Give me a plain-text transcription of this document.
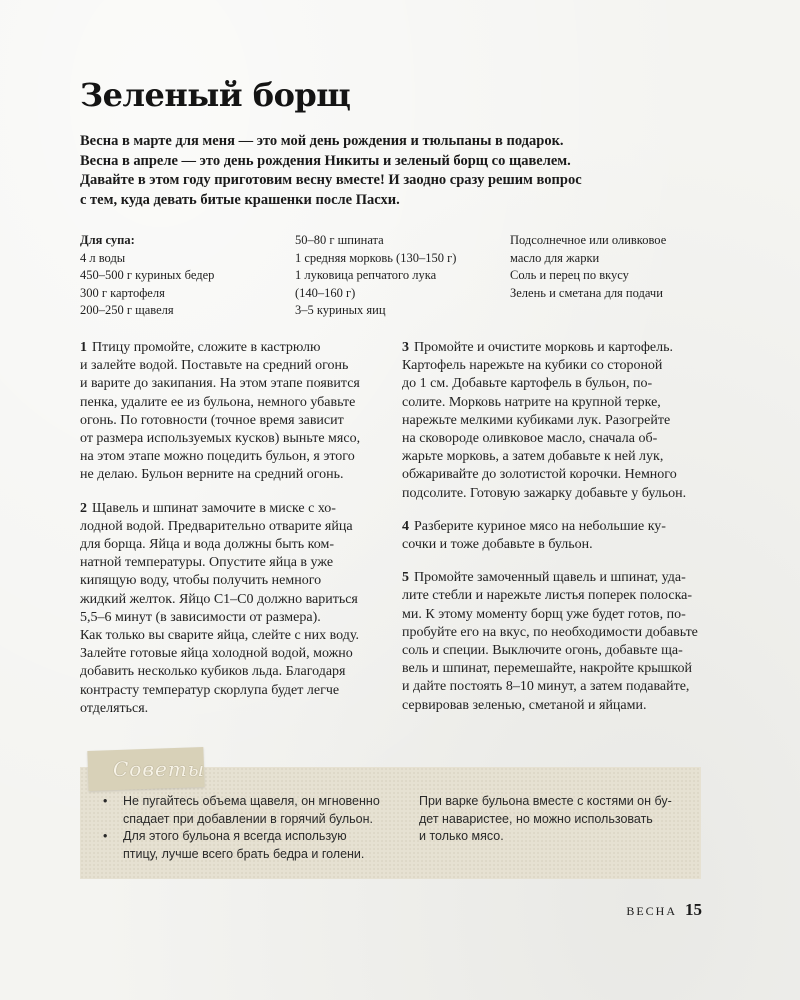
Зеленый борщ
Весна в марте для меня — это мой день рождения и тюльпаны в подарок.
Весна в апреле — это день рождения Никиты и зеленый борщ со щавелем.
Давайте в этом году приготовим весну вместе! И заодно сразу решим вопрос
с тем, куда девать битые крашенки после Пасхи.
Для супа:
4 л воды
450–500 г куриных бедер
300 г картофеля
200–250 г щавеля
50–80 г шпината
1 средняя морковь (130–150 г)
1 луковица репчатого лука
(140–160 г)
3–5 куриных яиц
Подсолнечное или оливковое
масло для жарки
Соль и перец по вкусу
Зелень и сметана для подачи
1 Птицу промойте, сложите в кастрюлю
и залейте водой. Поставьте на средний огонь
и варите до закипания. На этом этапе появится
пенка, удалите ее из бульона, немного убавьте
огонь. По готовности (точное время зависит
от размера используемых кусков) выньте мясо,
на этом этапе можно поцедить бульон, я этого
не делаю. Бульон верните на средний огонь.
2 Щавель и шпинат замочите в миске с хо-
лодной водой. Предварительно отварите яйца
для борща. Яйца и вода должны быть ком-
натной температуры. Опустите яйца в уже
кипящую воду, чтобы получить немного
жидкий желток. Яйцо С1–С0 должно вариться
5,5–6 минут (в зависимости от размера).
Как только вы сварите яйца, слейте с них воду.
Залейте готовые яйца холодной водой, можно
добавить несколько кубиков льда. Благодаря
контрасту температур скорлупа будет легче
отделяться.
3 Промойте и очистите морковь и картофель.
Картофель нарежьте на кубики со стороной
до 1 см. Добавьте картофель в бульон, по-
солите. Морковь натрите на крупной терке,
нарежьте мелкими кубиками лук. Разогрейте
на сковороде оливковое масло, сначала об-
жарьте морковь, а затем добавьте к ней лук,
обжаривайте до золотистой корочки. Немного
подсолите. Готовую зажарку добавьте у бульон.
4 Разберите куриное мясо на небольшие ку-
сочки и тоже добавьте в бульон.
5 Промойте замоченный щавель и шпинат, уда-
лите стебли и нарежьте листья поперек полоска-
ми. К этому моменту борщ уже будет готов, по-
пробуйте его на вкус, по необходимости добавьте
соль и специи. Выключите огонь, добавьте ща-
вель и шпинат, перемешайте, накройте крышкой
и дайте постоять 8–10 минут, а затем подавайте,
сервировав зеленью, сметаной и яйцами.
Советы
• Не пугайтесь объема щавеля, он мгновенно
спадает при добавлении в горячий бульон.
• Для этого бульона я всегда использую
птицу, лучше всего брать бедра и голени.
При варке бульона вместе с костями он бу-
дет наваристее, но можно использовать
и только мясо.
ВЕСНА 15
